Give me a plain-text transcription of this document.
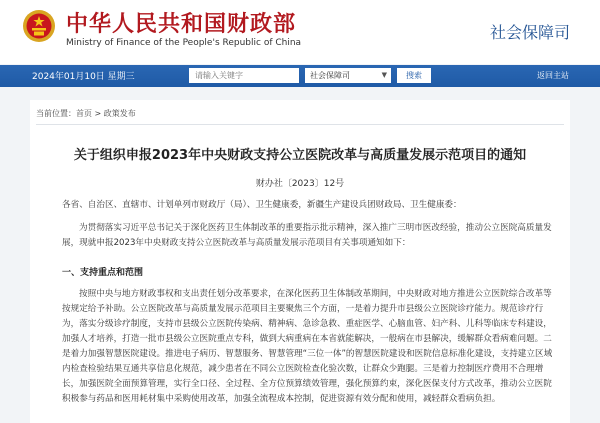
中华人民共和国财政部
Ministry of Finance of the People's Republic of China
社会保障司
2024年01月10日 星期三
请输入关键字	社会保障司	▼	搜索	返回主站
当前位置：首页 > 政策发布
关于组织申报2023年中央财政支持公立医院改革与高质量发展示范项目的通知
财办社〔2023〕12号
各省、自治区、直辖市、计划单列市财政厅（局）、卫生健康委，新疆生产建设兵团财政局、卫生健康委：
为贯彻落实习近平总书记关于深化医药卫生体制改革的重要指示批示精神，深入推广三明市医改经验，推动公立医院高质量发展，现就申报2023年中央财政支持公立医院改革与高质量发展示范项目有关事项通知如下：
一、支持重点和范围
按照中央与地方财政事权和支出责任划分改革要求，在深化医药卫生体制改革期间，中央财政对地方推进公立医院综合改革等按规定给予补助。公立医院改革与高质量发展示范项目主要聚焦三个方面，一是着力提升市县级公立医院诊疗能力。规范诊疗行为，落实分级诊疗制度，支持市县级公立医院传染病、精神病、急诊急救、重症医学、心脑血管、妇产科、儿科等临床专科建设，加强人才培养，打造一批市县级公立医院重点专科，做到大病重病在本省就能解决，一般病在市县解决，缓解群众看病难问题。二是着力加强智慧医院建设。推进电子病历、智慧服务、智慧管理“三位一体”的智慧医院建设和医院信息标准化建设，支持建立区域内检查检验结果互通共享信息化规范，减少患者在不同公立医院检查化验次数，让群众少跑腿。三是着力控制医疗费用不合理增长，加强医院全面预算管理，实行全口径、全过程、全方位预算绩效管理，强化预算约束，深化医保支付方式改革，推动公立医院积极参与药品和医用耗材集中采购使用改革，加强全流程成本控制，促进资源有效分配和使用，减轻群众看病负担。
